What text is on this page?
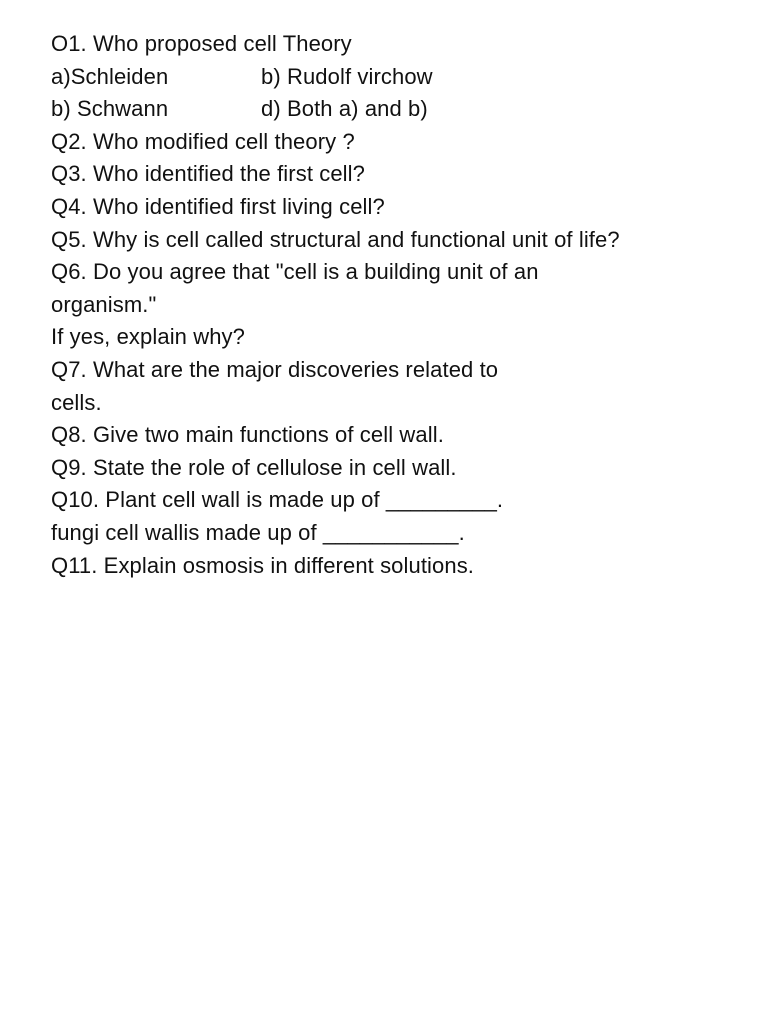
O1. Who proposed cell Theory
a)Schleiden	b) Rudolf virchow
b) Schwann	d) Both a) and b)
Q2. Who modified cell theory ?
Q3. Who identified the first cell?
Q4. Who identified first living cell?
Q5. Why is cell called structural and functional unit of life?
Q6. Do you agree that "cell is a building unit of an
organism."
If yes, explain why?
Q7. What are the major discoveries related to
cells.
Q8. Give two main functions of cell wall.
Q9. State the role of cellulose in cell wall.
Q10. Plant cell wall is made up of _________.
fungi cell wallis made up of ___________.
Q11. Explain osmosis in different solutions.
